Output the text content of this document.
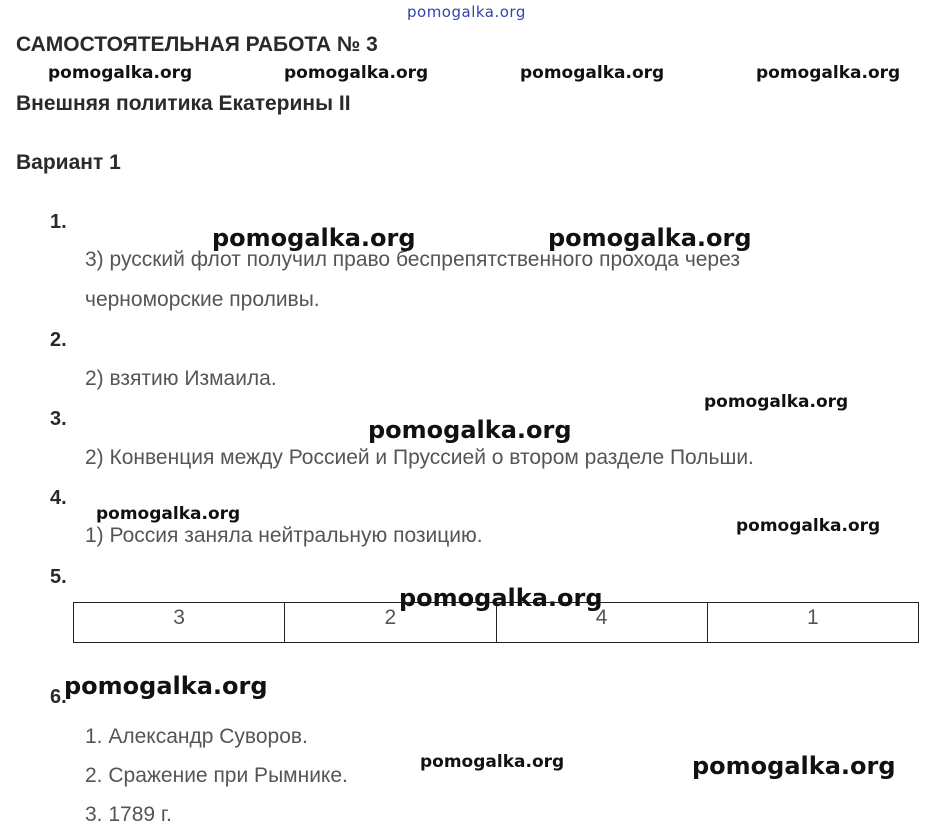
pomogalka.org
САМОСТОЯТЕЛЬНАЯ РАБОТА № 3
Внешняя политика Екатерины II
Вариант 1
1.
3) русский флот получил право беспрепятственного прохода через
черноморские проливы.
2.
2) взятию Измаила.
3.
2) Конвенция между Россией и Пруссией о втором разделе Польши.
4.
1) Россия заняла нейтральную позицию.
5.
3	2	4	1
6.
1. Александр Суворов.
2. Сражение при Рымнике.
3. 1789 г.
pomogalka.org	pomogalka.org	pomogalka.org	pomogalka.org
pomogalka.org	pomogalka.org
pomogalka.org
pomogalka.org
pomogalka.org
pomogalka.org
pomogalka.org
pomogalka.org
pomogalka.org	pomogalka.org
